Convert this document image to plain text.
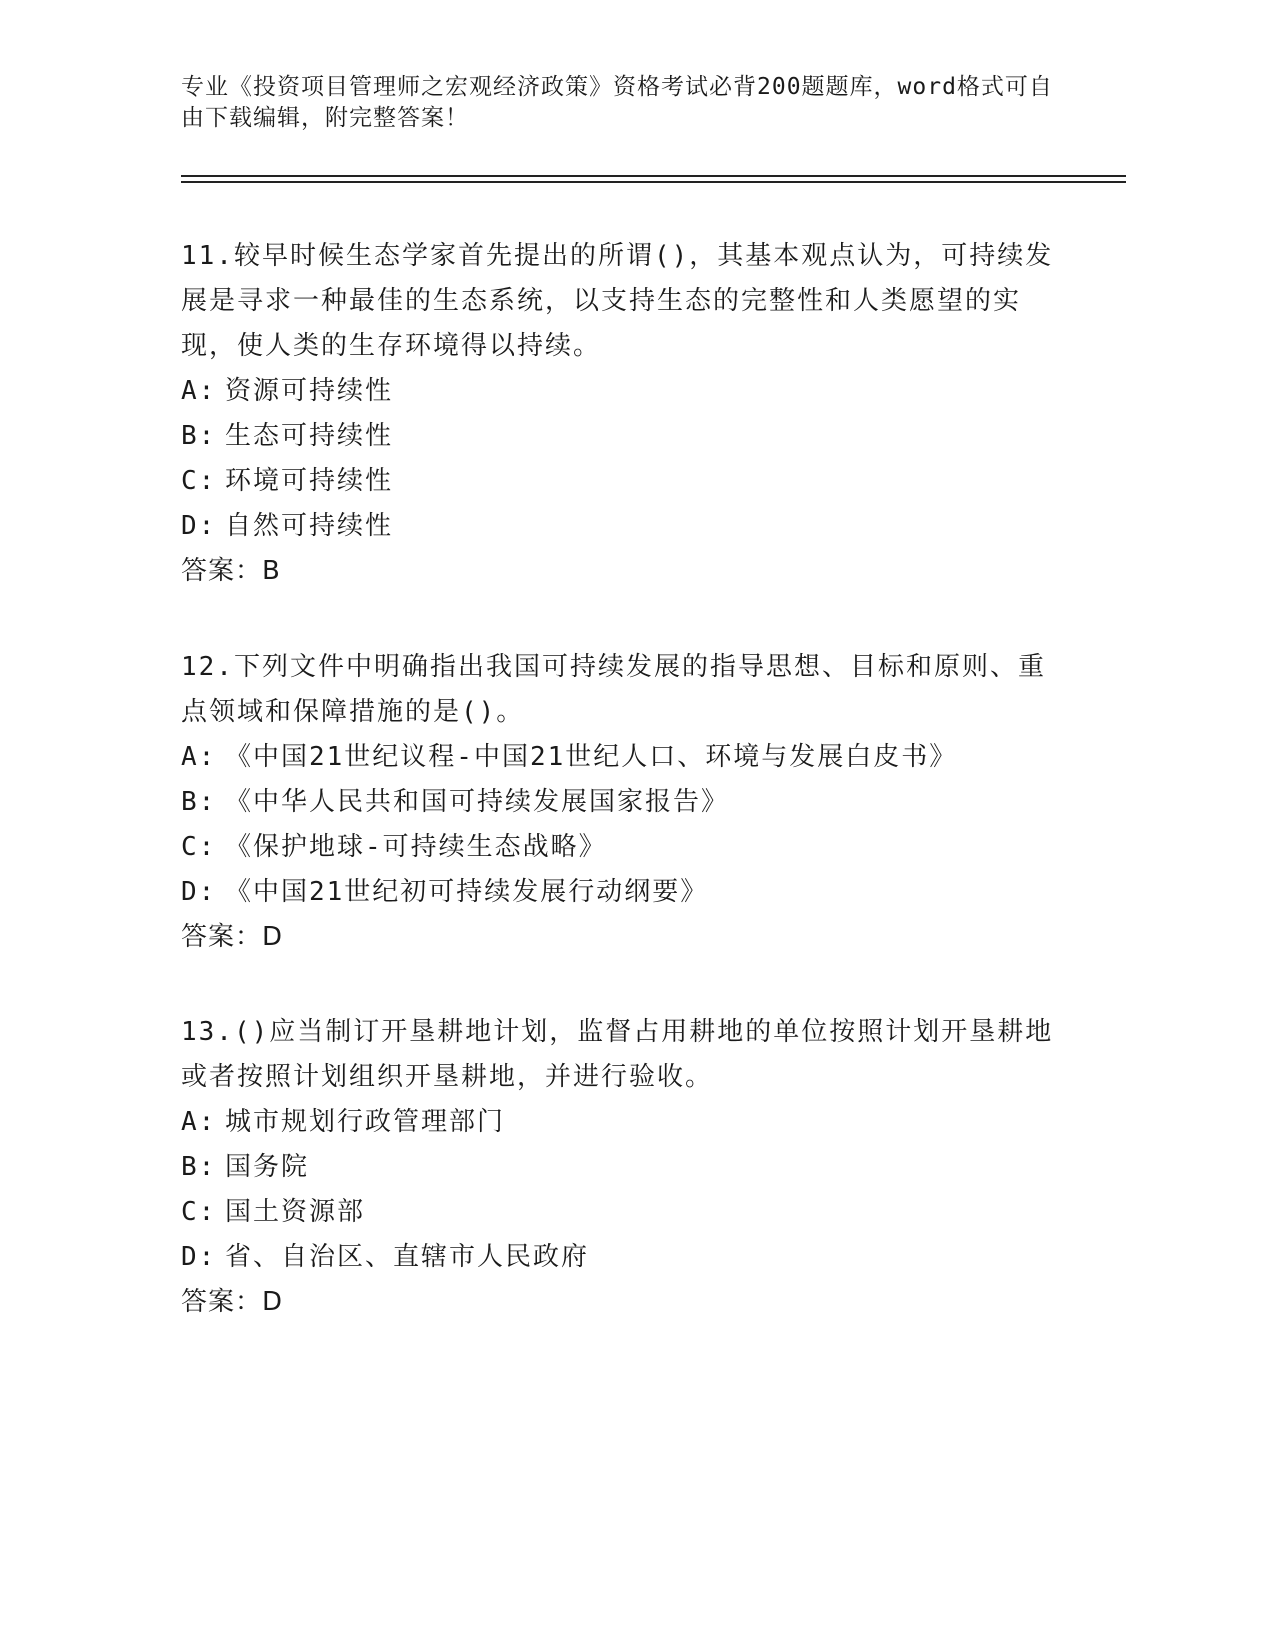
专业《投资项目管理师之宏观经济政策》资格考试必背200题题库，word格式可自由下载编辑，附完整答案！
11.较早时候生态学家首先提出的所谓()，其基本观点认为，可持续发展是寻求一种最佳的生态系统，以支持生态的完整性和人类愿望的实现，使人类的生存环境得以持续。
A: 资源可持续性
B: 生态可持续性
C: 环境可持续性
D: 自然可持续性
答案：B
12.下列文件中明确指出我国可持续发展的指导思想、目标和原则、重点领域和保障措施的是()。
A: 《中国21世纪议程-中国21世纪人口、环境与发展白皮书》
B: 《中华人民共和国可持续发展国家报告》
C: 《保护地球-可持续生态战略》
D: 《中国21世纪初可持续发展行动纲要》
答案：D
13.()应当制订开垦耕地计划，监督占用耕地的单位按照计划开垦耕地或者按照计划组织开垦耕地，并进行验收。
A: 城市规划行政管理部门
B: 国务院
C: 国土资源部
D: 省、自治区、直辖市人民政府
答案：D
